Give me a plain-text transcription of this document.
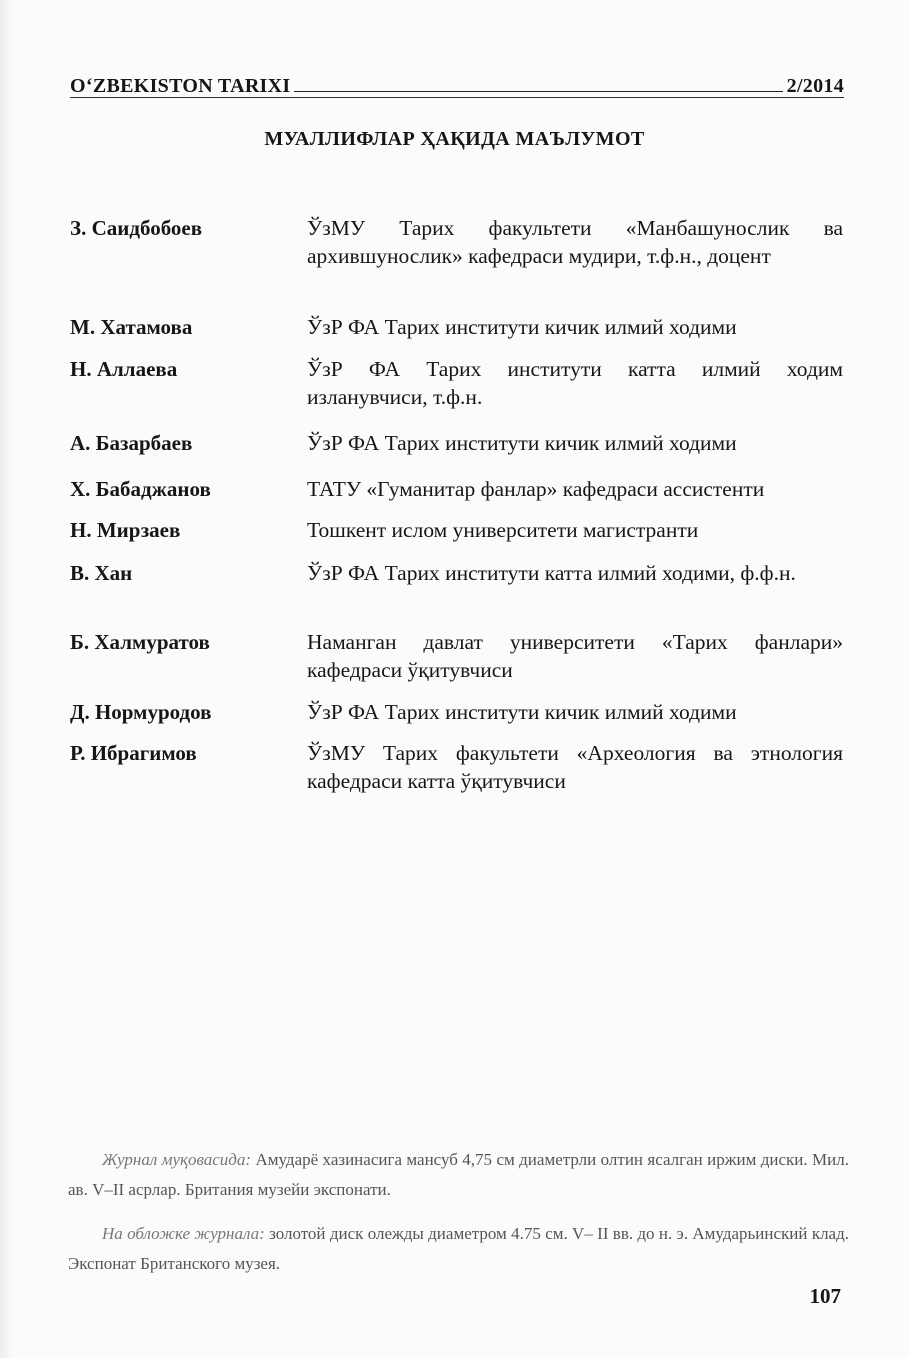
O‘ZBEKISTON TARIXI	2/2014
МУАЛЛИФЛАР ҲАҚИДА МАЪЛУМОТ
З. Саидбобоев	ЎзМУ Тарих факультети «Манбашунослик ва архившунослик» кафедраси мудири, т.ф.н., доцент
М. Хатамова	ЎзР ФА Тарих институти кичик илмий ходими
Н. Аллаева	ЎзР ФА Тарих институти катта илмий ходим изланувчиси, т.ф.н.
А. Базарбаев	ЎзР ФА Тарих институти кичик илмий ходими
Х. Бабаджанов	ТАТУ «Гуманитар фанлар» кафедраси ассистенти
Н. Мирзаев	Тошкент ислом университети магистранти
В. Хан	ЎзР ФА Тарих институти катта илмий ходими, ф.ф.н.
Б. Халмуратов	Наманган давлат университети «Тарих фанлари» кафедраси ўқитувчиси
Д. Нормуродов	ЎзР ФА Тарих институти кичик илмий ходими
Р. Ибрагимов	ЎзМУ Тарих факультети «Археология ва этнология кафедраси катта ўқитувчиси

Журнал муқовасида: Амударё хазинасига мансуб 4,75 см диаметрли олтин ясалган иржим диски. Мил. ав. V–II асрлар. Британия музейи экспонати.

На обложке журнала: золотой диск олежды диаметром 4.75 см. V– II вв. до н. э. Амударьинский клад. Экспонат Британского музея.

107
